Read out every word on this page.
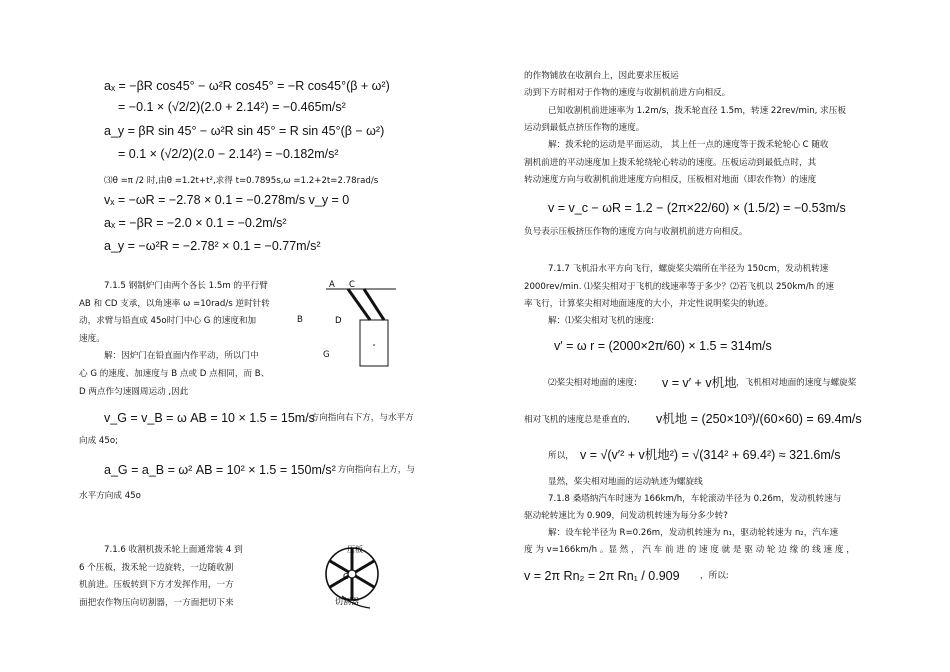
aₓ = −βR cos45° − ω²R cos45° = −R cos45°(β + ω²)
= −0.1 × (√2/2)(2.0 + 2.14²) = −0.465m/s²
a_y = βR sin 45° − ω²R sin 45° = R sin 45°(β − ω²)
= 0.1 × (√2/2)(2.0 − 2.14²) = −0.182m/s²
⑶θ =π /2 时,由θ =1.2t+t²,求得 t=0.7895s,ω =1.2+2t=2.78rad/s
vₓ = −ωR = −2.78 × 0.1 = −0.278m/s v_y = 0
aₓ = −βR = −2.0 × 0.1 = −0.2m/s²
a_y = −ω²R = −2.78² × 0.1 = −0.77m/s²
7.1.5 钢制炉门由两个各长 1.5m 的平行臂
AB 和 CD 支承，以角速率 ω =10rad/s 逆时针转
动，求臂与铅直成 45o时门中心 G 的速度和加
速度。
解：因炉门在铅直面内作平动，所以门中
心 G 的速度、加速度与 B 点或 D 点相同，而 B、
D 两点作匀速圆周运动 ,因此
v_G = v_B = ω AB = 10 × 1.5 = 15m/s
，方向指向右下方，与水平方
向成 45o;
a_G = a_B = ω² AB = 10² × 1.5 = 150m/s²
，方向指向右上方，与
水平方向成 45o
7.1.6 收割机拨禾轮上面通常装 4 到
6 个压板，拨禾轮一边旋转，一边随收割
机前进。压板转到下方才发挥作用，一方
面把农作物压向切割器，一方面把切下来
的作物铺放在收割台上，因此要求压板运
动到下方时相对于作物的速度与收割机前进方向相反。
已知收割机前进速率为 1.2m/s，拨禾轮直径 1.5m，转速 22rev/min, 求压板
运动到最低点挤压作物的速度。
解：拨禾轮的运动是平面运动， 其上任一点的速度等于拨禾轮轮心 C 随收
割机前进的平动速度加上拨禾轮绕轮心转动的速度。压板运动到最低点时，其
转动速度方向与收割机前进速度方向相反，压板相对地面（即农作物）的速度
v = v_c − ωR = 1.2 − (2π×22/60) × (1.5/2) = −0.53m/s
负号表示压板挤压作物的速度方向与收割机前进方向相反。
7.1.7 飞机沿水平方向飞行，螺旋桨尖端所在半径为 150cm，发动机转速
2000rev/min. ⑴桨尖相对于飞机的线速率等于多少？⑵若飞机以 250km/h 的速
率飞行，计算桨尖相对地面速度的大小，并定性说明桨尖的轨迹。
解：⑴桨尖相对飞机的速度:
v′ = ω r = (2000×2π/60) × 1.5 = 314m/s
⑵桨尖相对地面的速度: v = v′ + v机地 ，飞机相对地面的速度与螺旋桨
相对飞机的速度总是垂直的, v机地 = (250×10³)/(60×60) = 69.4m/s
所以， v = √(v′² + v机地²) = √(314² + 69.4²) ≈ 321.6m/s
显然，桨尖相对地面的运动轨迹为螺旋线
7.1.8 桑塔纳汽车时速为 166km/h，车轮滚动半径为 0.26m，发动机转速与
驱动轮转速比为 0.909，问发动机转速为每分多少转?
解：设车轮半径为 R=0.26m，发动机转速为 n₁，驱动轮转速为 n₂，汽车速
度 为 v=166km/h 。显 然 ， 汽 车 前 进 的 速 度 就 是 驱 动 轮 边 缘 的 线 速 度 ，
v = 2π Rn₂ = 2π Rn₁ / 0.909 ，所以:
A C
D
B
G
压板
C
切割器
